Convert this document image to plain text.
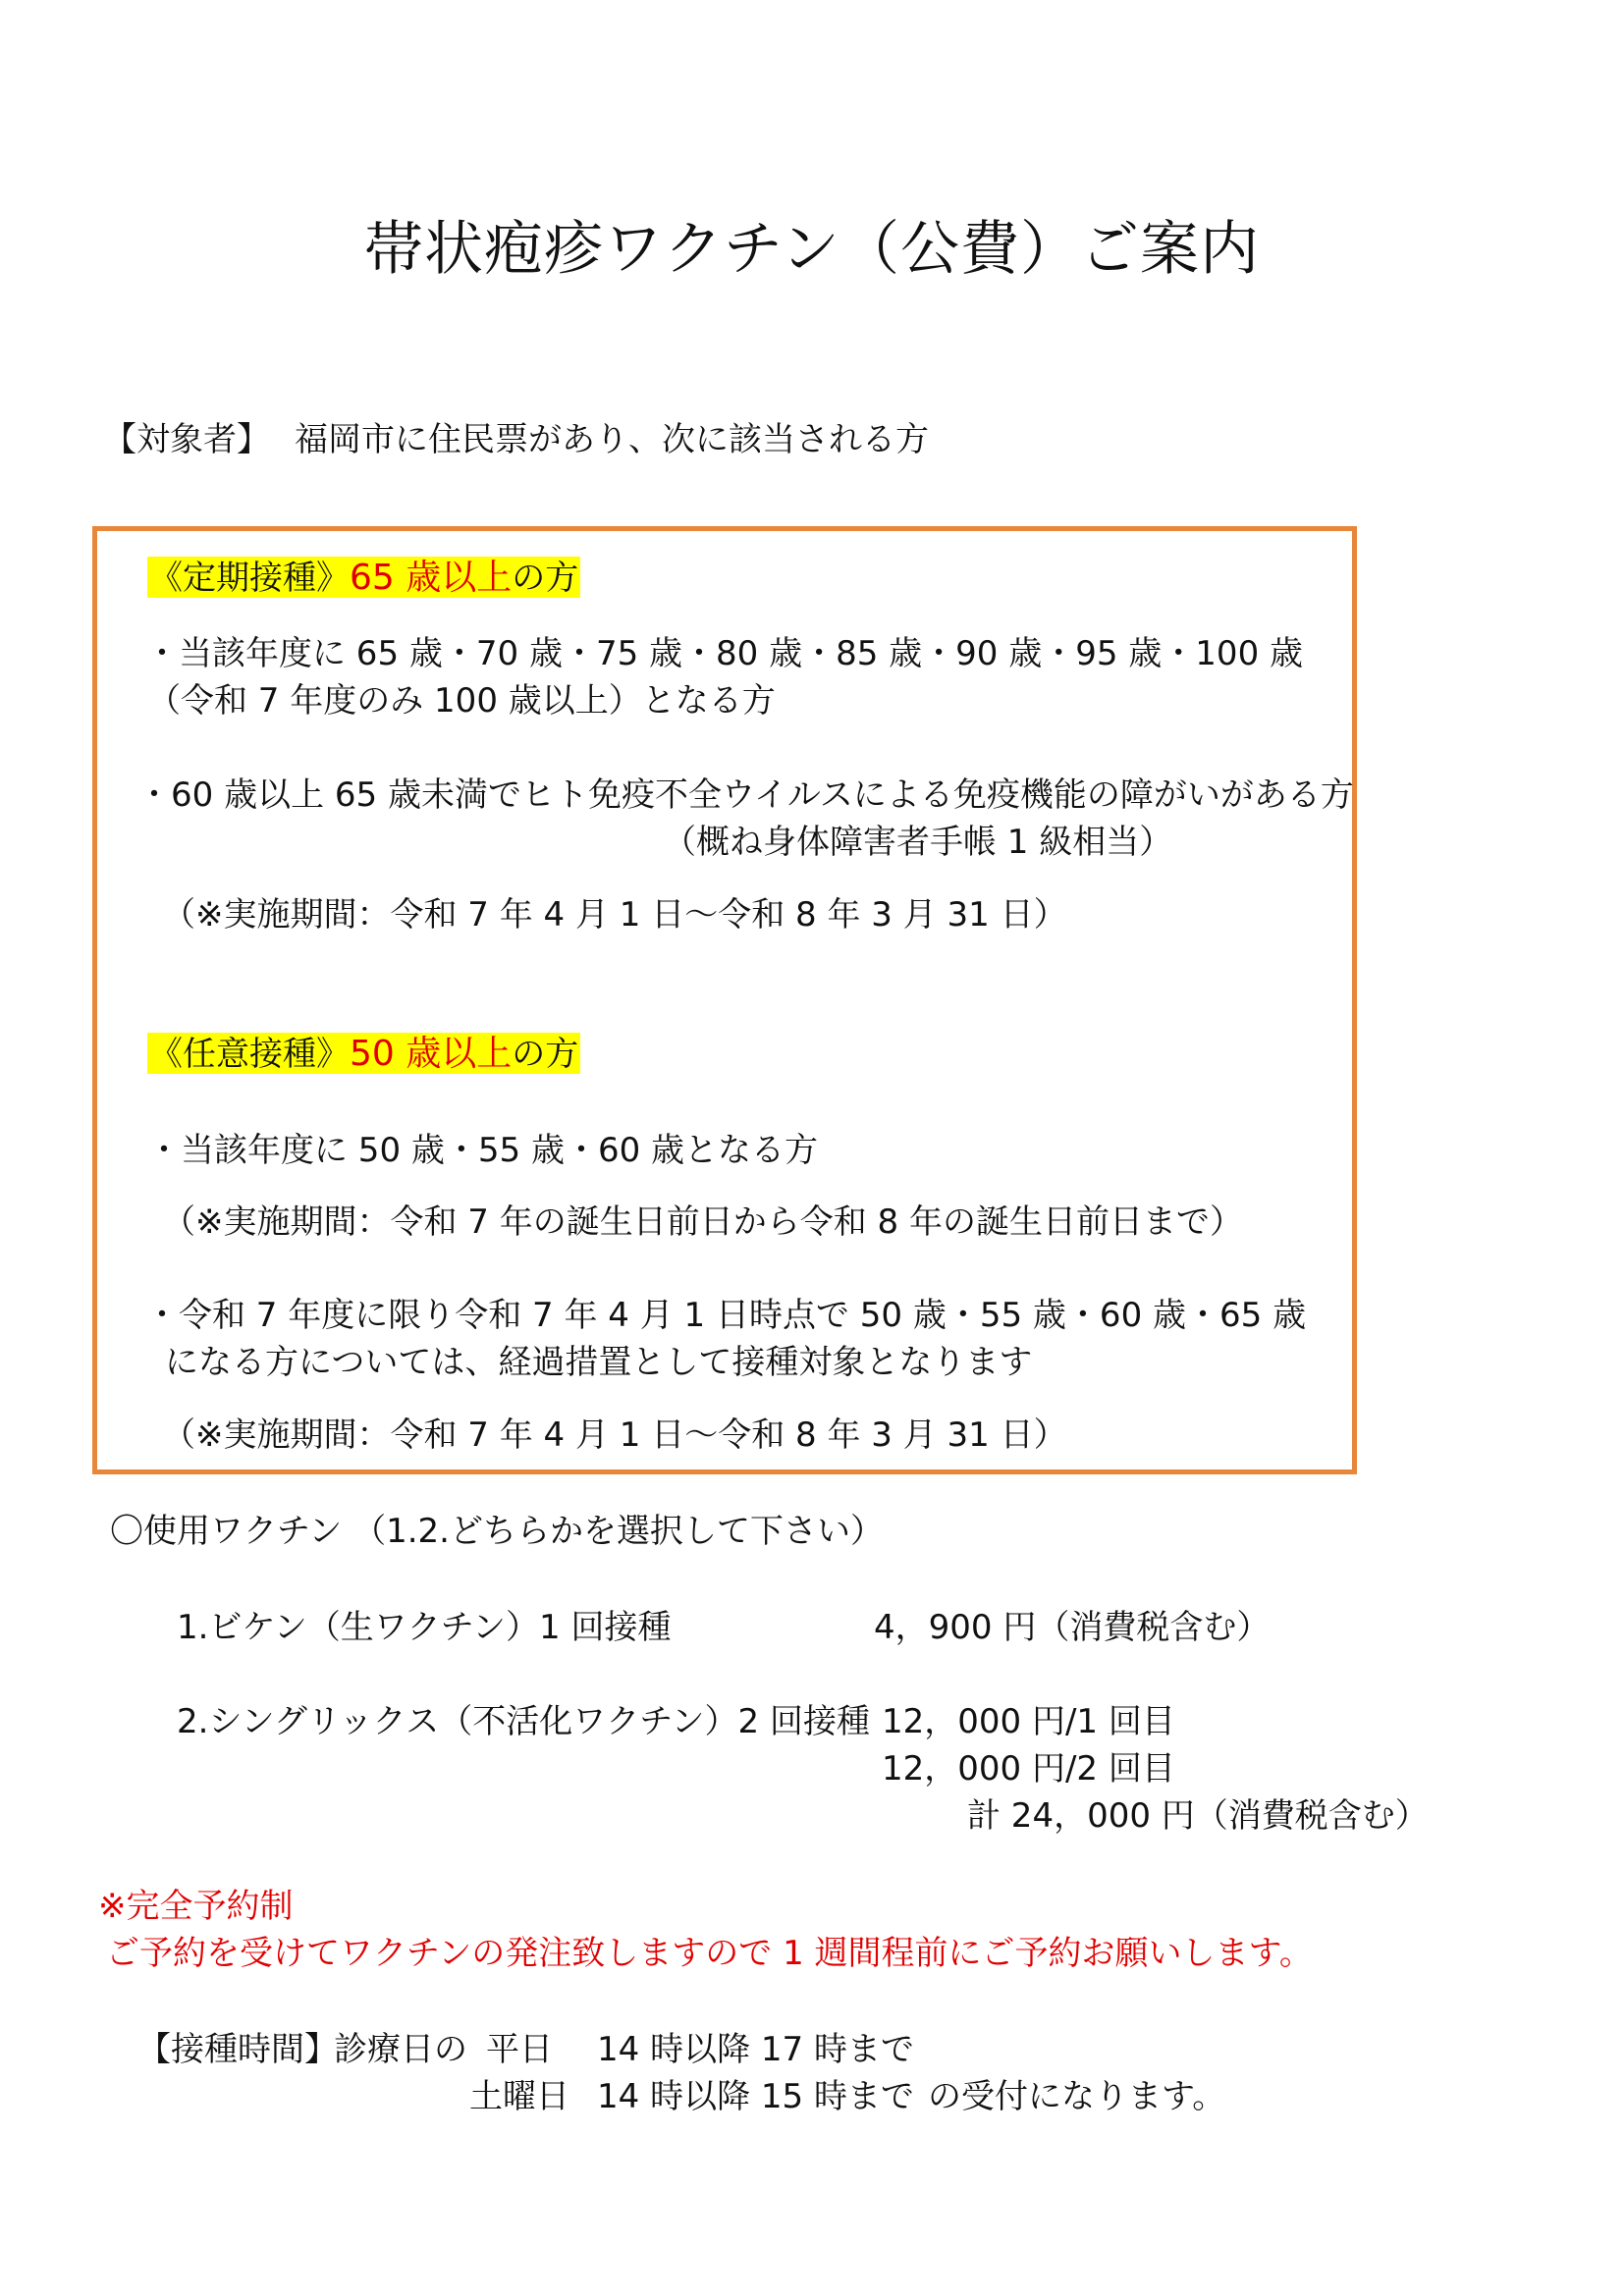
帯状疱疹ワクチン（公費）ご案内
【対象者】 福岡市に住民票があり、次に該当される方
《定期接種》65 歳以上の方
・当該年度に 65 歳・70 歳・75 歳・80 歳・85 歳・90 歳・95 歳・100 歳
（令和 7 年度のみ 100 歳以上）となる方
・60 歳以上 65 歳未満でヒト免疫不全ウイルスによる免疫機能の障がいがある方
（概ね身体障害者手帳 1 級相当）
（※実施期間：令和 7 年 4 月 1 日～令和 8 年 3 月 31 日）
《任意接種》50 歳以上の方
・当該年度に 50 歳・55 歳・60 歳となる方
（※実施期間：令和 7 年の誕生日前日から令和 8 年の誕生日前日まで）
・令和 7 年度に限り令和 7 年 4 月 1 日時点で 50 歳・55 歳・60 歳・65 歳
になる方については、経過措置として接種対象となります
（※実施期間：令和 7 年 4 月 1 日～令和 8 年 3 月 31 日）
〇使用ワクチン （1.2.どちらかを選択して下さい）
1.ビケン（生ワクチン）1 回接種	4，900 円（消費税含む）
2.シングリックス（不活化ワクチン）2 回接種 12，000 円/1 回目
12，000 円/2 回目
計 24，000 円（消費税含む）
※完全予約制
ご予約を受けてワクチンの発注致しますので 1 週間程前にご予約お願いします。
【接種時間】
診療日の 平日 14 時以降 17 時まで
土曜日 14 時以降 15 時まで の受付になります。
